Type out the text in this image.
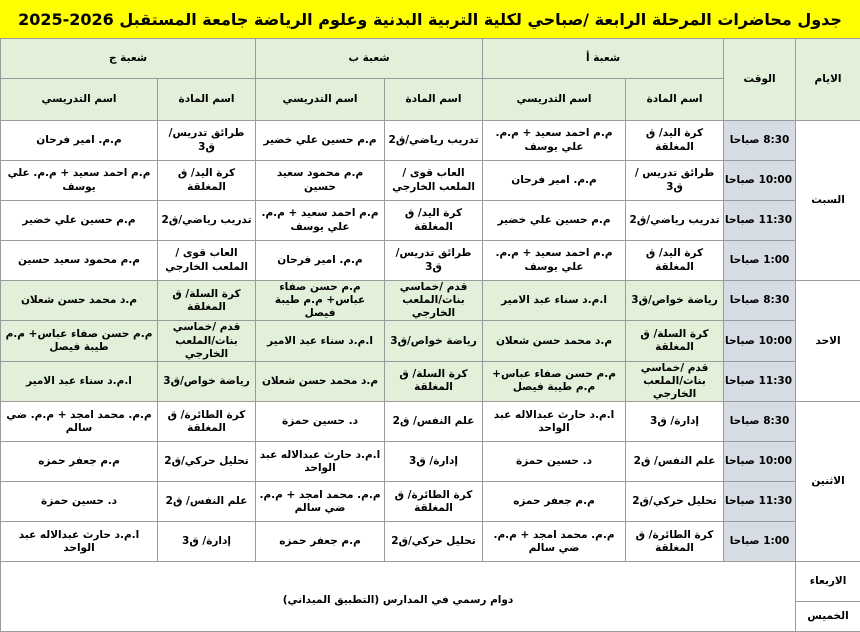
جدول محاضرات المرحلة الرابعة /صباحي لكلية التربية البدنية وعلوم الرياضة جامعة المستقبل 2026-2025
الايام	الوقت	شعبة أ		شعبة ب		شعبة ج	
		اسم المادة	اسم التدريسي	اسم المادة	اسم التدريسي	اسم المادة	اسم التدريسي
السبت	8:30 صباحا	كرة اليد/ ق المغلقة	م.م احمد سعيد + م.م. علي يوسف	تدريب رياضي/ق2	م.م حسين علي خضير	طرائق تدريس/ ق3	م.م. امير فرحان
	10:00 صباحا	طرائق تدريس / ق3	م.م. امير فرحان	العاب قوى /الملعب الخارجي	م.م محمود سعيد حسين	كرة اليد/ ق المغلقة	م.م احمد سعيد + م.م. علي يوسف
	11:30 صباحا	تدريب رياضي/ق2	م.م حسين علي خضير	كرة اليد/ ق المغلقة	م.م احمد سعيد + م.م. علي يوسف	تدريب رياضي/ق2	م.م حسين علي خضير
	1:00 صباحا	كرة اليد/ ق المغلقة	م.م احمد سعيد + م.م. علي يوسف	طرائق تدريس/ ق3	م.م. امير فرحان	العاب قوى /الملعب الخارجي	م.م محمود سعيد حسين
الاحد	8:30 صباحا	رياضة خواص/ق3	ا.م.د سناء عبد الامير	قدم /خماسي بنات/الملعب الخارجي	م.م حسن صفاء عباس+ م.م طيبة فيصل	كرة السلة/ ق المغلقة	م.د محمد حسن شعلان
	10:00 صباحا	كرة السلة/ ق المغلقة	م.د محمد حسن شعلان	رياضة خواص/ق3	ا.م.د سناء عبد الامير	قدم /خماسي بنات/الملعب الخارجي	م.م حسن صفاء عباس+ م.م طيبة فيصل
	11:30 صباحا	قدم /خماسي بنات/الملعب الخارجي	م.م حسن صفاء عباس+ م.م طيبة فيصل	كرة السلة/ ق المغلقة	م.د محمد حسن شعلان	رياضة خواص/ق3	ا.م.د سناء عبد الامير
الاثنين	8:30 صباحا	إدارة/ ق3	ا.م.د حارث عبدالاله عبد الواحد	علم النفس/ ق2	د. حسين حمزة	كرة الطائرة/ ق المغلقة	م.م. محمد امجد + م.م. ضي سالم
	10:00 صباحا	علم النفس/ ق2	د. حسين حمزة	إدارة/ ق3	ا.م.د حارث عبدالاله عبد الواحد	تحليل حركي/ق2	م.م جعفر حمزه
	11:30 صباحا	تحليل حركي/ق2	م.م جعفر حمزه	كرة الطائرة/ ق المغلقة	م.م. محمد امجد + م.م. ضي سالم	علم النفس/ ق2	د. حسين حمزة
	1:00 صباحا	كرة الطائرة/ ق المغلقة	م.م. محمد امجد + م.م. ضي سالم	تحليل حركي/ق2	م.م جعفر حمزه	إدارة/ ق3	ا.م.د حارث عبدالاله عبد الواحد
الاربعاء	دوام رسمي في المدارس (التطبيق الميداني)						
الخميس							
